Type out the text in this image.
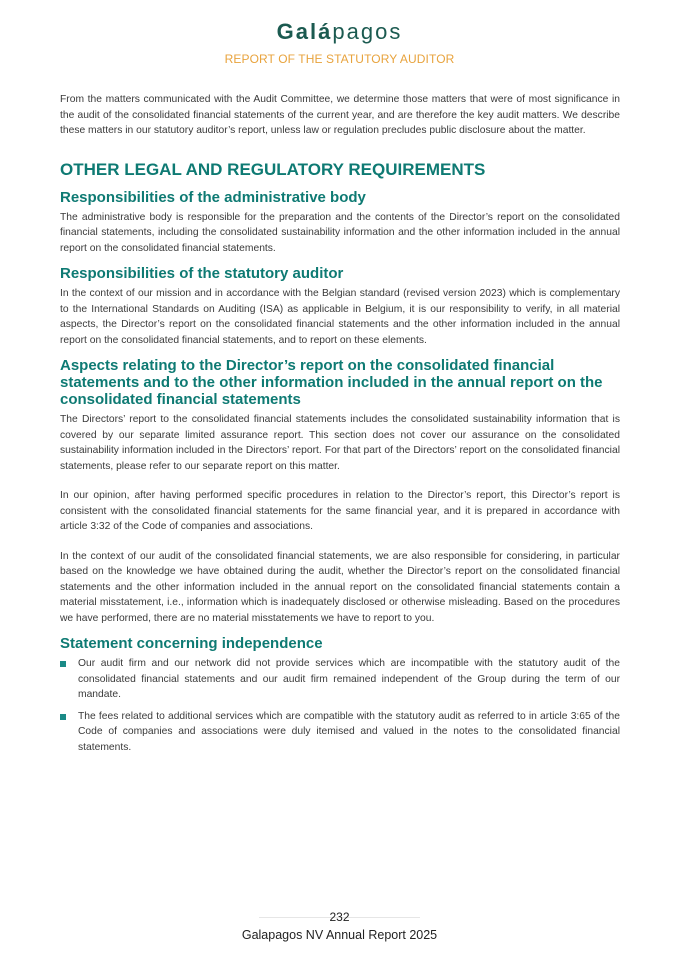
Galápagos
REPORT OF THE STATUTORY AUDITOR

From the matters communicated with the Audit Committee, we determine those matters that were of most significance in the audit of the consolidated financial statements of the current year, and are therefore the key audit matters. We describe these matters in our statutory auditor’s report, unless law or regulation precludes public disclosure about the matter.

OTHER LEGAL AND REGULATORY REQUIREMENTS
Responsibilities of the administrative body

The administrative body is responsible for the preparation and the contents of the Director’s report on the consolidated financial statements, including the consolidated sustainability information and the other information included in the annual report on the consolidated financial statements.

Responsibilities of the statutory auditor

In the context of our mission and in accordance with the Belgian standard (revised version 2023) which is complementary to the International Standards on Auditing (ISA) as applicable in Belgium, it is our responsibility to verify, in all material aspects, the Director’s report on the consolidated financial statements and the other information included in the annual report on the consolidated financial statements, and to report on these elements.

Aspects relating to the Director’s report on the consolidated financial statements and to the other information included in the annual report on the consolidated financial statements

The Directors’ report to the consolidated financial statements includes the consolidated sustainability information that is covered by our separate limited assurance report. This section does not cover our assurance on the consolidated sustainability information included in the Directors’ report. For that part of the Directors’ report on the consolidated financial statements, please refer to our separate report on this matter.

In our opinion, after having performed specific procedures in relation to the Director’s report, this Director’s report is consistent with the consolidated financial statements for the same financial year, and it is prepared in accordance with article 3:32 of the Code of companies and associations.

In the context of our audit of the consolidated financial statements, we are also responsible for considering, in particular based on the knowledge we have obtained during the audit, whether the Director’s report on the consolidated financial statements and the other information included in the annual report on the consolidated financial statements contain a material misstatement, i.e., information which is inadequately disclosed or otherwise misleading. Based on the procedures we have performed, there are no material misstatements we have to report to you.

Statement concerning independence

Our audit firm and our network did not provide services which are incompatible with the statutory audit of the consolidated financial statements and our audit firm remained independent of the Group during the term of our mandate.

The fees related to additional services which are compatible with the statutory audit as referred to in article 3:65 of the Code of companies and associations were duly itemised and valued in the notes to the consolidated financial statements.

232
Galapagos NV Annual Report 2025
